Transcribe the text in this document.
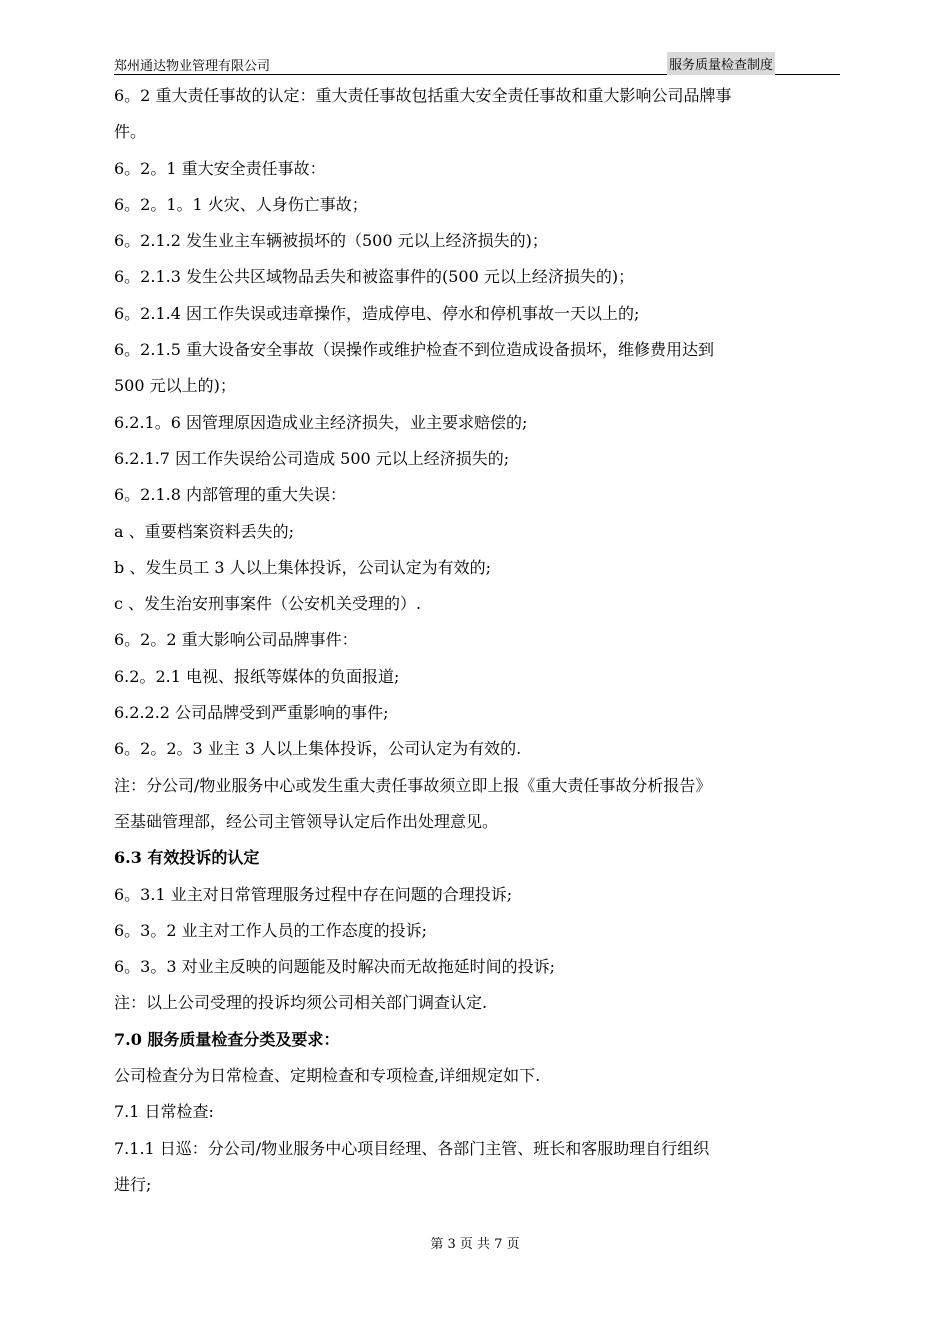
郑州通达物业管理有限公司	服务质量检查制度
6。2 重大责任事故的认定：重大责任事故包括重大安全责任事故和重大影响公司品牌事
件。
6。2。1 重大安全责任事故：
6。2。1。1 火灾、人身伤亡事故；
6。2.1.2 发生业主车辆被损坏的（500 元以上经济损失的)；
6。2.1.3 发生公共区域物品丢失和被盗事件的(500 元以上经济损失的)；
6。2.1.4 因工作失误或违章操作，造成停电、停水和停机事故一天以上的;
6。2.1.5 重大设备安全事故（误操作或维护检查不到位造成设备损坏，维修费用达到
500 元以上的)；
6.2.1。6 因管理原因造成业主经济损失，业主要求赔偿的;
6.2.1.7 因工作失误给公司造成 500 元以上经济损失的;
6。2.1.8 内部管理的重大失误：
a 、重要档案资料丢失的;
b 、发生员工 3 人以上集体投诉，公司认定为有效的;
c 、发生治安刑事案件（公安机关受理的）.
6。2。2 重大影响公司品牌事件：
6.2。2.1 电视、报纸等媒体的负面报道;
6.2.2.2 公司品牌受到严重影响的事件;
6。2。2。3 业主 3 人以上集体投诉，公司认定为有效的.
注：分公司/物业服务中心或发生重大责任事故须立即上报《重大责任事故分析报告》
至基础管理部，经公司主管领导认定后作出处理意见。
6.3 有效投诉的认定
6。3.1 业主对日常管理服务过程中存在问题的合理投诉;
6。3。2 业主对工作人员的工作态度的投诉;
6。3。3 对业主反映的问题能及时解决而无故拖延时间的投诉;
注：以上公司受理的投诉均须公司相关部门调查认定.
7.0 服务质量检查分类及要求：
公司检查分为日常检查、定期检查和专项检查,详细规定如下.
7.1 日常检查:
7.1.1 日巡：分公司/物业服务中心项目经理、各部门主管、班长和客服助理自行组织
进行;
第 3 页 共 7 页
